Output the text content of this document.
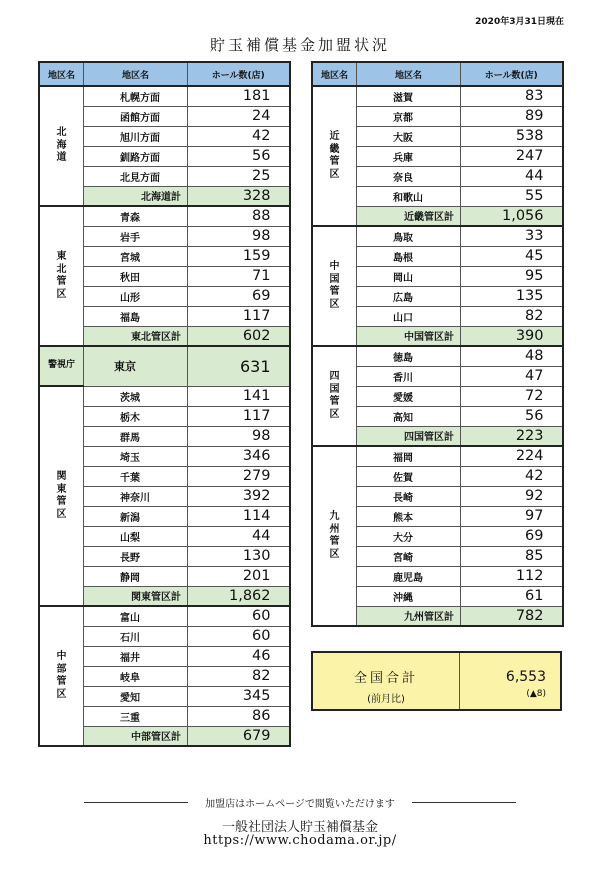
2020年3月31日現在
貯玉補償基金加盟状況
地区名	地区名	ホール数(店)

北
海
道	札幌方面	181
	函館方面	24
	旭川方面	42
	釧路方面	56
	北見方面	25
	北海道計	328

東
北
管
区	青森	88
	岩手	98
	宮城	159
	秋田	71
	山形	69
	福島	117
	東北管区計	602
警視庁	東京	631

関
東
管
区	茨城	141
	栃木	117
	群馬	98
	埼玉	346
	千葉	279
	神奈川	392
	新潟	114
	山梨	44
	長野	130
	静岡	201
	関東管区計	1,862

中
部
管
区	富山	60
	石川	60
	福井	46
	岐阜	82
	愛知	345
	三重	86
	中部管区計	679
地区名	地区名	ホール数(店)

近
畿
管
区	滋賀	83
	京都	89
	大阪	538
	兵庫	247
	奈良	44
	和歌山	55
	近畿管区計	1,056

中
国
管
区	鳥取	33
	島根	45
	岡山	95
	広島	135
	山口	82
	中国管区計	390

四
国
管
区	徳島	48
	香川	47
	愛媛	72
	高知	56
	四国管区計	223

九
州
管
区	福岡	224
	佐賀	42
	長崎	92
	熊本	97
	大分	69
	宮崎	85
	鹿児島	112
	沖縄	61
	九州管区計	782
全国合計
(前月比)
6,553
(▲8)
加盟店はホームページで閲覧いただけます
一般社団法人貯玉補償基金
https://www.chodama.or.jp/
